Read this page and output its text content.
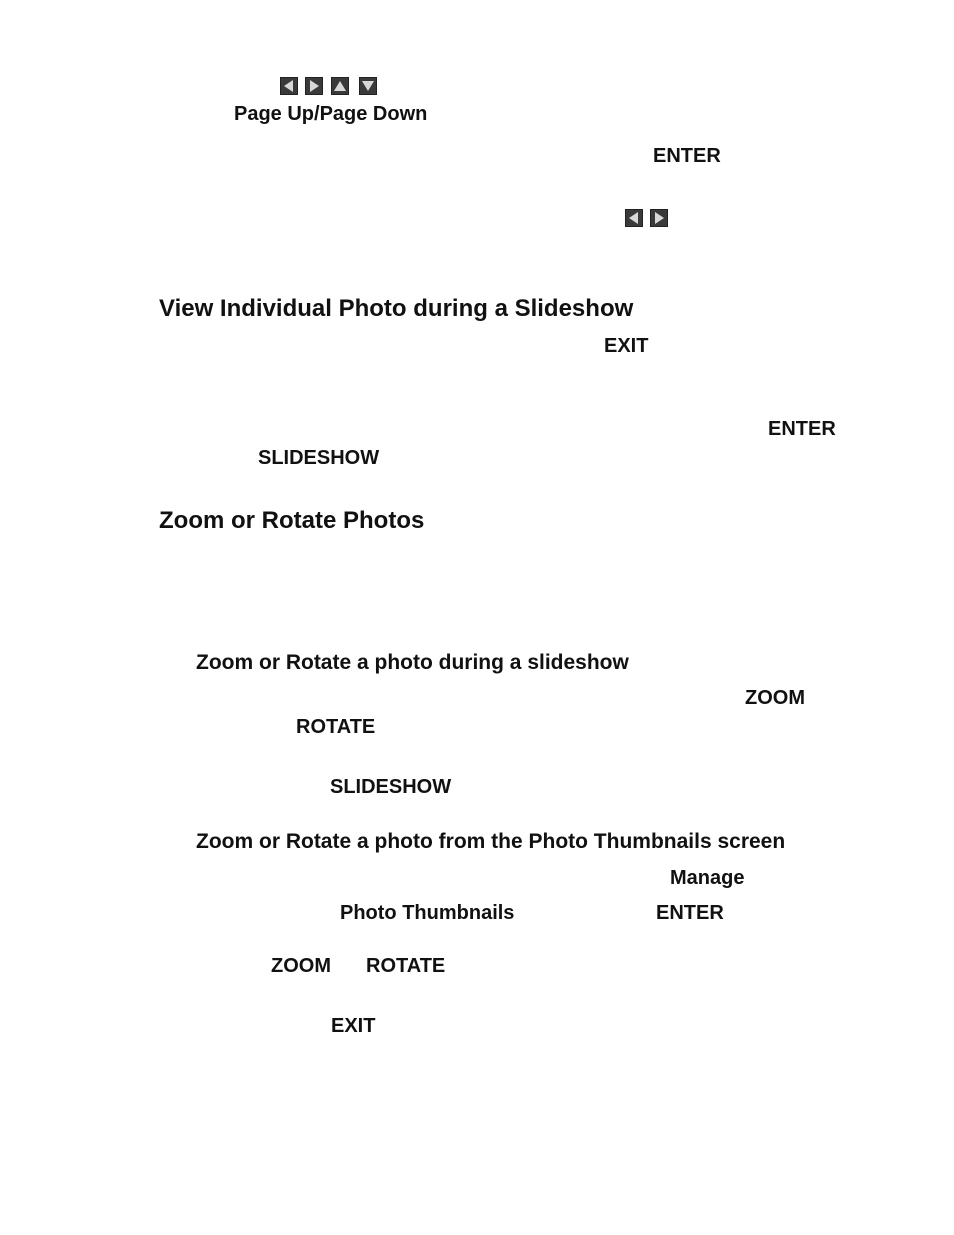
Page Up/Page Down
ENTER
View Individual Photo during a Slideshow
EXIT
ENTER
SLIDESHOW
Zoom or Rotate Photos
Zoom or Rotate a photo during a slideshow
ZOOM
ROTATE
SLIDESHOW
Zoom or Rotate a photo from the Photo Thumbnails screen
Manage
Photo Thumbnails	ENTER
ZOOM ROTATE
EXIT
